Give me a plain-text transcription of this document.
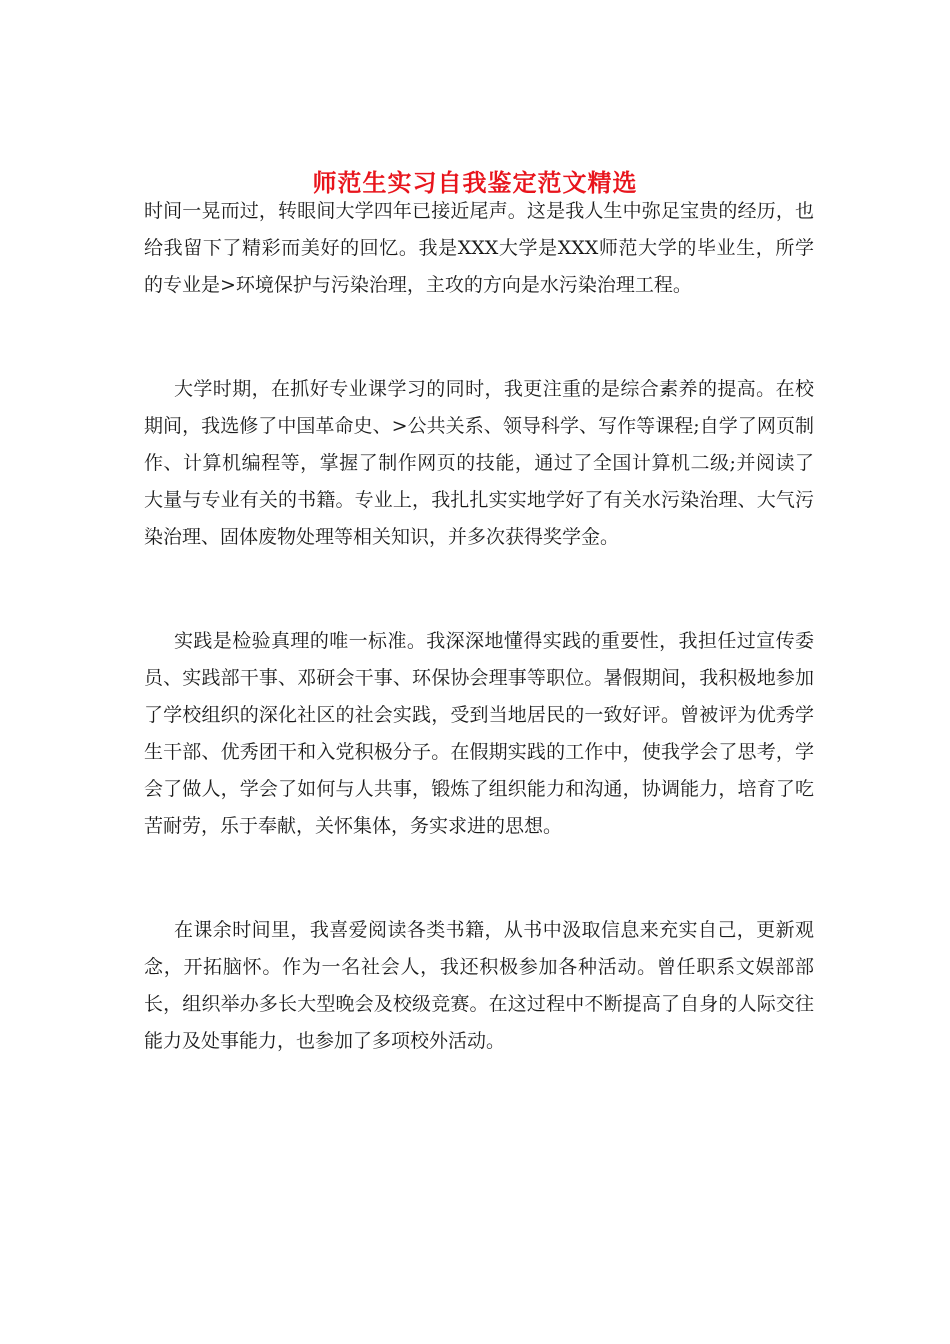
师范生实习自我鉴定范文精选

时间一晃而过，转眼间大学四年已接近尾声。这是我人生中弥足宝贵的经历，也给我留下了精彩而美好的回忆。我是XXX大学是XXX师范大学的毕业生，所学的专业是>环境保护与污染治理，主攻的方向是水污染治理工程。

大学时期，在抓好专业课学习的同时，我更注重的是综合素养的提高。在校期间，我选修了中国革命史、>公共关系、领导科学、写作等课程;自学了网页制作、计算机编程等，掌握了制作网页的技能，通过了全国计算机二级;并阅读了大量与专业有关的书籍。专业上，我扎扎实实地学好了有关水污染治理、大气污染治理、固体废物处理等相关知识，并多次获得奖学金。

实践是检验真理的唯一标准。我深深地懂得实践的重要性，我担任过宣传委员、实践部干事、邓研会干事、环保协会理事等职位。暑假期间，我积极地参加了学校组织的深化社区的社会实践，受到当地居民的一致好评。曾被评为优秀学生干部、优秀团干和入党积极分子。在假期实践的工作中，使我学会了思考，学会了做人，学会了如何与人共事，锻炼了组织能力和沟通，协调能力，培育了吃苦耐劳，乐于奉献，关怀集体，务实求进的思想。

在课余时间里，我喜爱阅读各类书籍，从书中汲取信息来充实自己，更新观念，开拓脑怀。作为一名社会人，我还积极参加各种活动。曾任职系文娱部部长，组织举办多长大型晚会及校级竞赛。在这过程中不断提高了自身的人际交往能力及处事能力，也参加了多项校外活动。
